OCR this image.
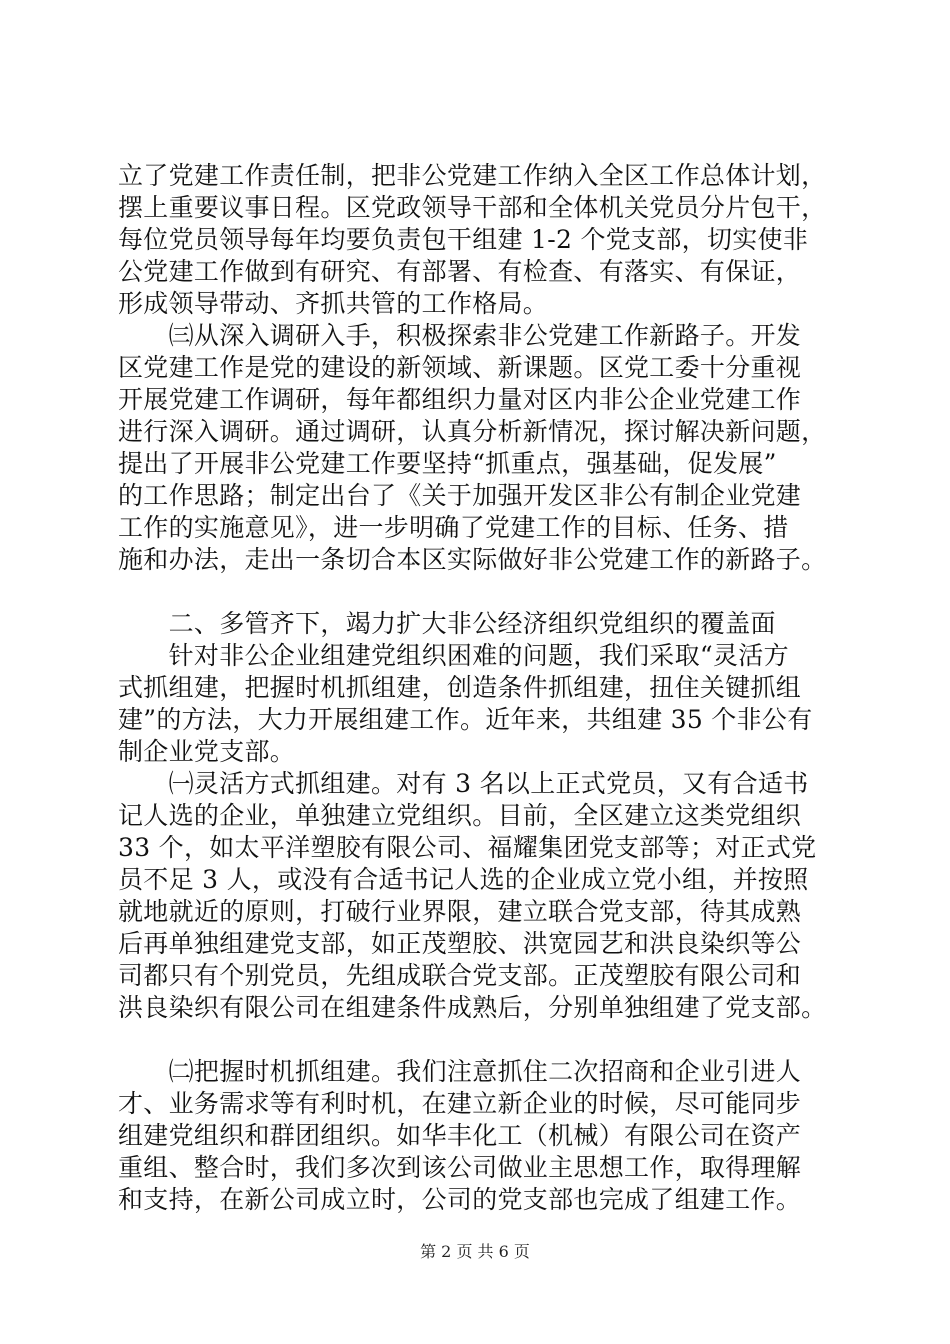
立了党建工作责任制，把非公党建工作纳入全区工作总体计划，
摆上重要议事日程。区党政领导干部和全体机关党员分片包干，
每位党员领导每年均要负责包干组建 1-2 个党支部，切实使非
公党建工作做到有研究、有部署、有检查、有落实、有保证，
形成领导带动、齐抓共管的工作格局。
　　㈢从深入调研入手，积极探索非公党建工作新路子。开发
区党建工作是党的建设的新领域、新课题。区党工委十分重视
开展党建工作调研，每年都组织力量对区内非公企业党建工作
进行深入调研。通过调研，认真分析新情况，探讨解决新问题，
提出了开展非公党建工作要坚持“抓重点，强基础，促发展”
的工作思路；制定出台了《关于加强开发区非公有制企业党建
工作的实施意见》，进一步明确了党建工作的目标、任务、措
施和办法，走出一条切合本区实际做好非公党建工作的新路子。
　　二、多管齐下，竭力扩大非公经济组织党组织的覆盖面
　　针对非公企业组建党组织困难的问题，我们采取“灵活方
式抓组建，把握时机抓组建，创造条件抓组建，扭住关键抓组
建”的方法，大力开展组建工作。近年来，共组建 35 个非公有
制企业党支部。
　　㈠灵活方式抓组建。对有 3 名以上正式党员，又有合适书
记人选的企业，单独建立党组织。目前，全区建立这类党组织
33 个，如太平洋塑胶有限公司、福耀集团党支部等；对正式党
员不足 3 人，或没有合适书记人选的企业成立党小组，并按照
就地就近的原则，打破行业界限，建立联合党支部，待其成熟
后再单独组建党支部，如正茂塑胶、洪宽园艺和洪良染织等公
司都只有个别党员，先组成联合党支部。正茂塑胶有限公司和
洪良染织有限公司在组建条件成熟后，分别单独组建了党支部。
　　㈡把握时机抓组建。我们注意抓住二次招商和企业引进人
才、业务需求等有利时机，在建立新企业的时候，尽可能同步
组建党组织和群团组织。如华丰化工（机械）有限公司在资产
重组、整合时，我们多次到该公司做业主思想工作，取得理解
和支持，在新公司成立时，公司的党支部也完成了组建工作。
第 2 页 共 6 页
